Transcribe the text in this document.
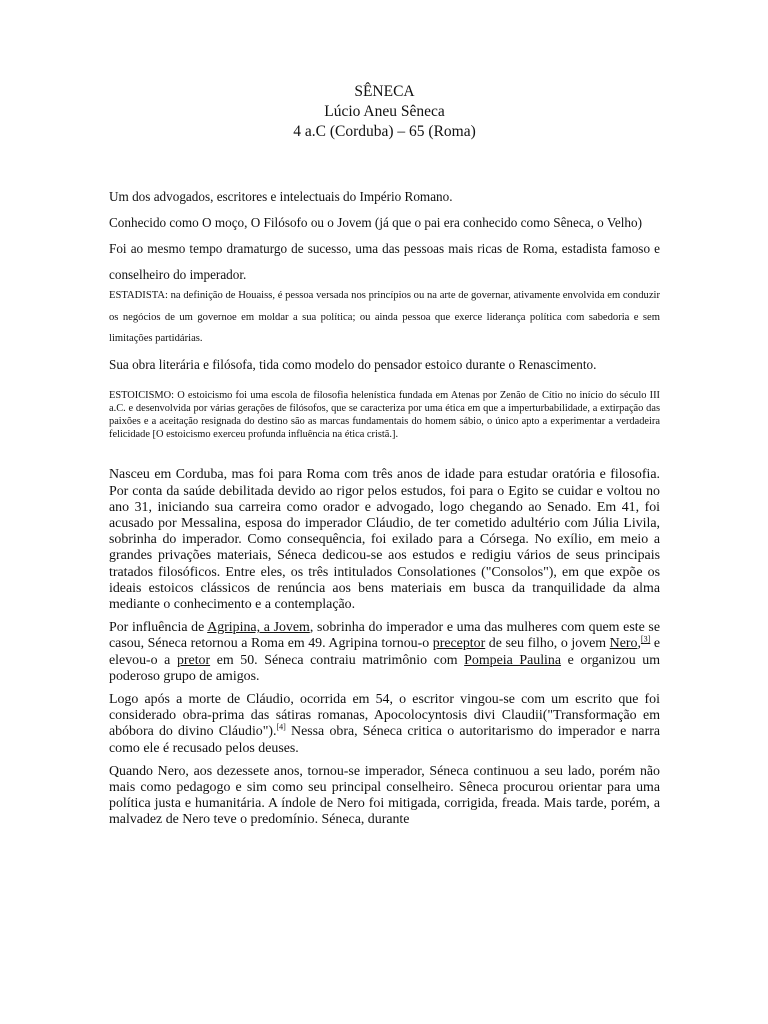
SÊNECA
Lúcio Aneu Sêneca
4 a.C (Corduba) – 65 (Roma)

Um dos advogados, escritores e intelectuais do Império Romano.

Conhecido como O moço, O Filósofo ou o Jovem (já que o pai era conhecido como Sêneca, o Velho)

Foi ao mesmo tempo dramaturgo de sucesso, uma das pessoas mais ricas de Roma, estadista famoso e conselheiro do imperador.

ESTADISTA: na definição de Houaiss, é pessoa versada nos princípios ou na arte de governar, ativamente envolvida em conduzir os negócios de um governoe em moldar a sua política; ou ainda pessoa que exerce liderança política com sabedoria e sem limitações partidárias.

Sua obra literária e filósofa, tida como modelo do pensador estoico durante o Renascimento.

ESTOICISMO: O estoicismo foi uma escola de filosofia helenística fundada em Atenas por Zenão de Cítio no início do século III a.C. e desenvolvida por várias gerações de filósofos, que se caracteriza por uma ética em que a imperturbabilidade, a extirpação das paixões e a aceitação resignada do destino são as marcas fundamentais do homem sábio, o único apto a experimentar a verdadeira felicidade [O estoicismo exerceu profunda influência na ética cristã.].

Nasceu em Corduba, mas foi para Roma com três anos de idade para estudar oratória e filosofia. Por conta da saúde debilitada devido ao rigor pelos estudos, foi para o Egito se cuidar e voltou no ano 31, iniciando sua carreira como orador e advogado, logo chegando ao Senado. Em 41, foi acusado por Messalina, esposa do imperador Cláudio, de ter cometido adultério com Júlia Livila, sobrinha do imperador. Como consequência, foi exilado para a Córsega. No exílio, em meio a grandes privações materiais, Séneca dedicou-se aos estudos e redigiu vários de seus principais tratados filosóficos. Entre eles, os três intitulados Consolationes ("Consolos"), em que expõe os ideais estoicos clássicos de renúncia aos bens materiais em busca da tranquilidade da alma mediante o conhecimento e a contemplação.

Por influência de Agripina, a Jovem, sobrinha do imperador e uma das mulheres com quem este se casou, Séneca retornou a Roma em 49. Agripina tornou-o preceptor de seu filho, o jovem Nero,[3] e elevou-o a pretor em 50. Séneca contraiu matrimônio com Pompeia Paulina e organizou um poderoso grupo de amigos.

Logo após a morte de Cláudio, ocorrida em 54, o escritor vingou-se com um escrito que foi considerado obra-prima das sátiras romanas, Apocolocyntosis divi Claudii("Transformação em abóbora do divino Cláudio").[4] Nessa obra, Séneca critica o autoritarismo do imperador e narra como ele é recusado pelos deuses.

Quando Nero, aos dezessete anos, tornou-se imperador, Séneca continuou a seu lado, porém não mais como pedagogo e sim como seu principal conselheiro. Sêneca procurou orientar para uma política justa e humanitária. A índole de Nero foi mitigada, corrigida, freada. Mais tarde, porém, a malvadez de Nero teve o predomínio. Séneca, durante
